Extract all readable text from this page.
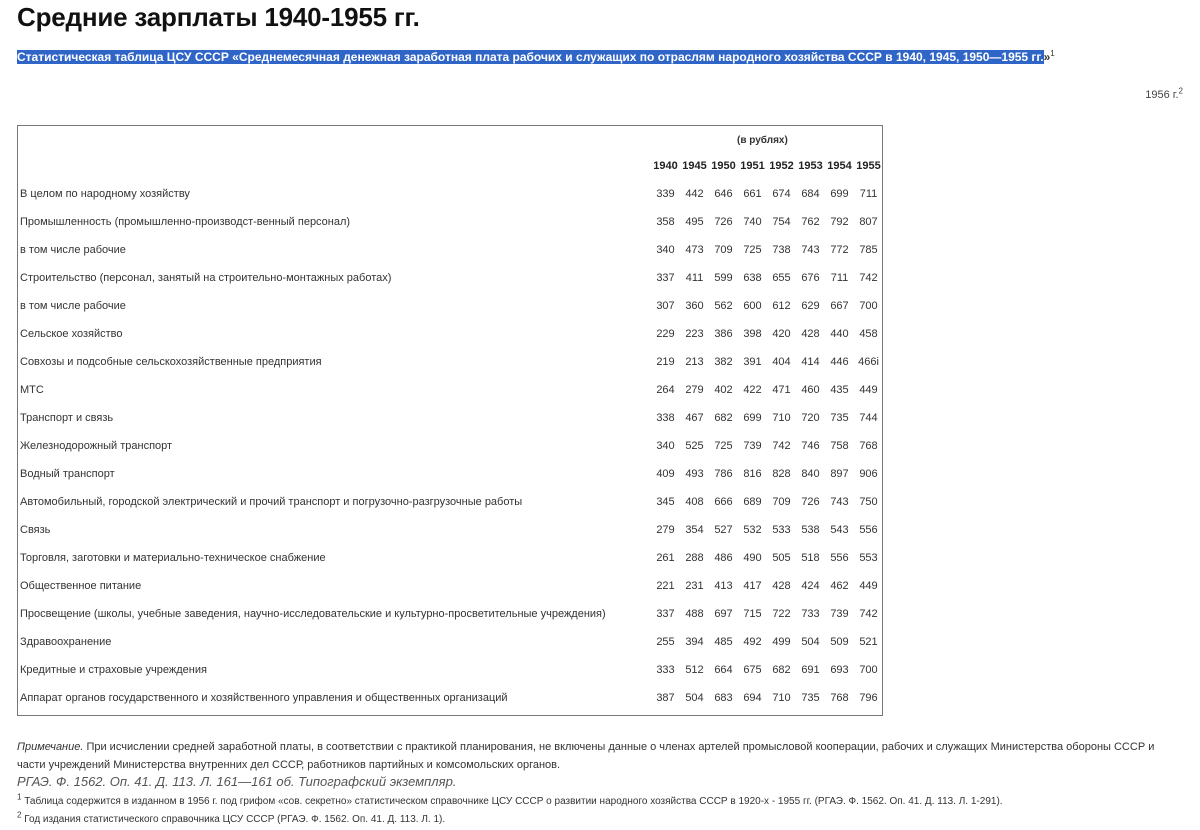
Средние зарплаты 1940-1955 гг.
Статистическая таблица ЦСУ СССР «Среднемесячная денежная заработная плата рабочих и служащих по отраслям народного хозяйства СССР в 1940, 1945, 1950—1955 гг.»$^1$
1956 г.$^2$
(в рублях)
1940 1945 1950 1951 1952 1953 1954 1955
В целом по народному хозяйству	339 442 646 661 674 684 699	711
Промышленность (промышленно-производст-венный персонал)	358 495 726 740 754 762 792 807
в том числе рабочие	340 473 709 725 738 743 772 785
Строительство (персонал, занятый на строительно-монтажных работах)	337	411	599 638 655 676	711	742
в том числе рабочие	307 360 562 600 612 629 667 700
Сельское хозяйство	229 223 386 398 420 428 440 458
Совхозы и подсобные сельскохозяйственные предприятия	219 213 382 391 404 414 446 466i
МТС	264 279 402 422 471 460 435 449
Транспорт и связь	338 467 682 699 710 720 735 744
Железнодорожный транспорт	340 525 725 739 742 746 758 768
Водный транспорт	409 493 786 816 828 840 897 906
Автомобильный, городской электрический и прочий транспорт и погрузочно-разгрузочные работы	345 408 666 689 709 726 743 750
Связь	279 354 527 532 533 538 543 556
Торговля, заготовки и материально-техническое снабжение	261 288 486 490 505 518 556 553
Общественное питание	221 231 413 417 428 424 462 449
Просвещение (школы, учебные заведения, научно-исследовательские и культурно-просветительные учреждения)	337 488 697 715 722 733 739 742
Здравоохранение	255 394 485 492 499 504 509 521
Кредитные и страховые учреждения	333 512 664 675 682 691 693 700
Аппарат органов государственного и хозяйственного управления и общественных организаций	387 504 683 694 710 735 768 796
Примечание. При исчислении средней заработной платы, в соответствии с практикой планирования, не включены данные о членах артелей промысловой кооперации, рабочих и служащих Министерства обороны СССР и части учреждений Министерства внутренних дел СССР, работников партийных и комсомольских органов.
РГАЭ. Ф. 1562. Оп. 41. Д. 113. Л. 161—161 об. Типографский экземпляр.
$^1$ Таблица содержится в изданном в 1956 г. под грифом «сов. секретно» статистическом справочнике ЦСУ СССР о развитии народного хозяйства СССР в 1920-х - 1955 гг. (РГАЭ. Ф. 1562. Оп. 41. Д. 113. Л. 1-291).
$^2$ Год издания статистического справочника ЦСУ СССР (РГАЭ. Ф. 1562. Оп. 41. Д. 113. Л. 1).
